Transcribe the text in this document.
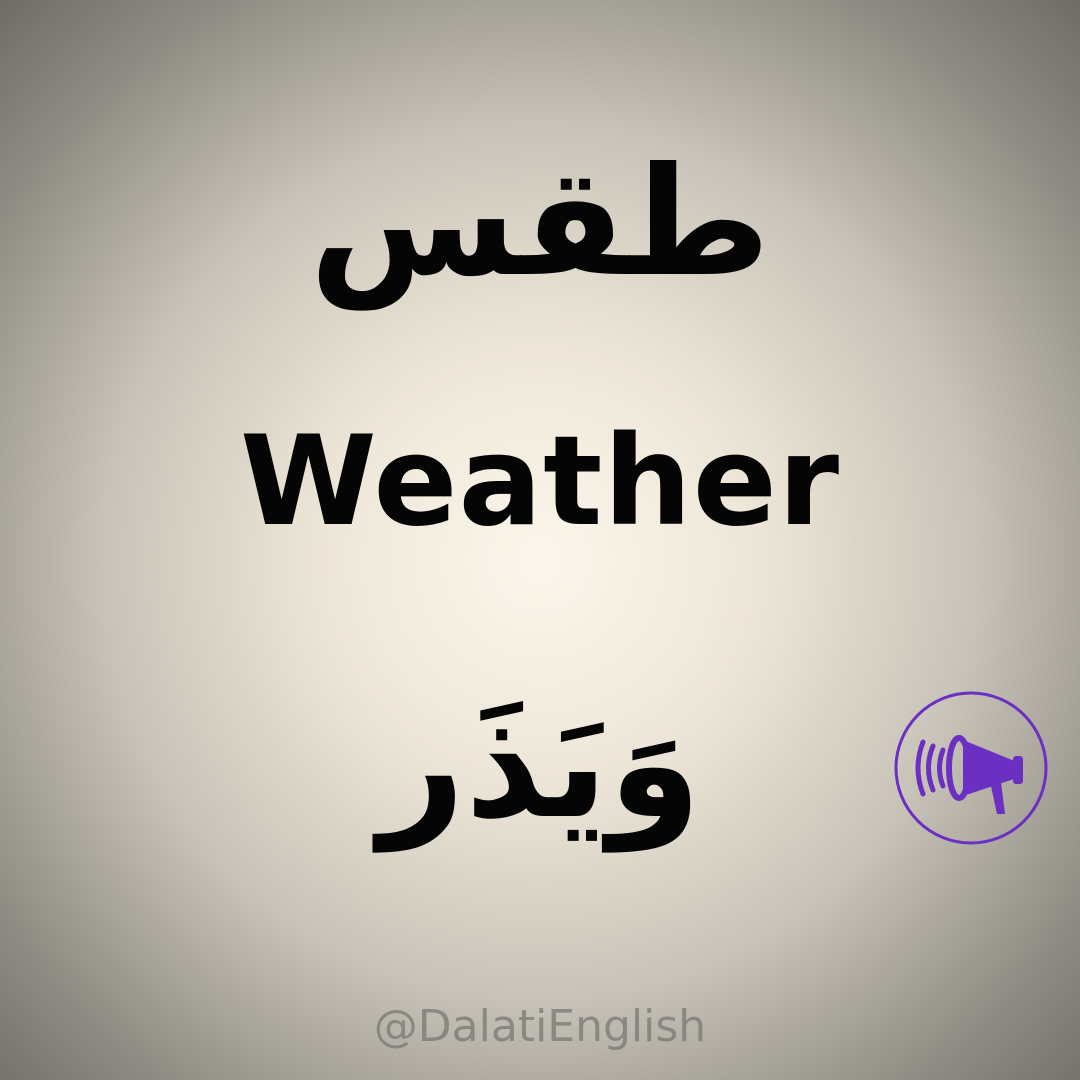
طقس
Weather
وَيَذَر
@DalatiEnglish
